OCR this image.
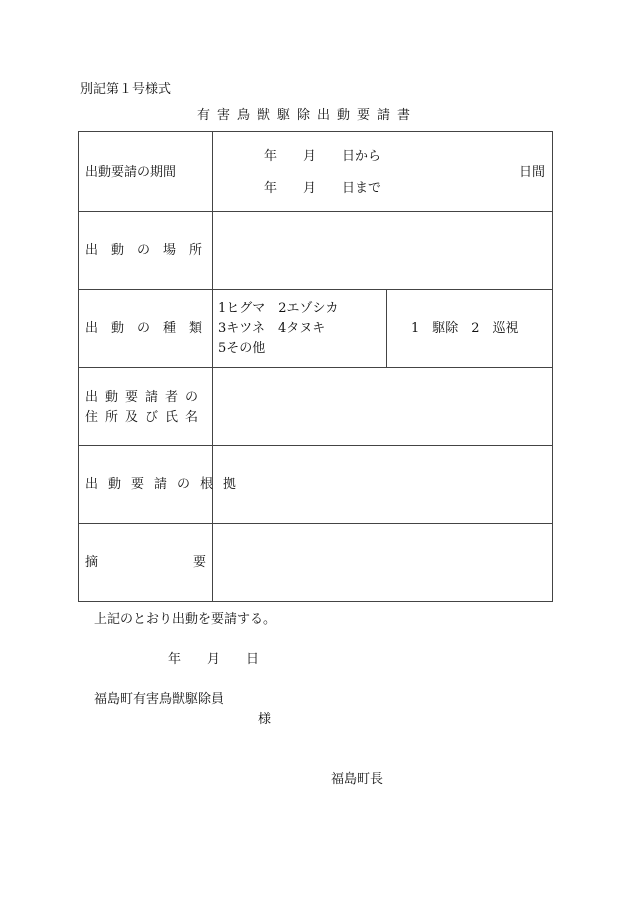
別記第１号様式
有害鳥獣駆除出動要請書
出動要請の期間
年　　月　　日から
年　　月　　日まで
日間
出動の場所
出動の種類
1ヒグマ　2エゾシカ
3キツネ　4タヌキ
5その他
1　駆除　2　巡視
出動要請者の
住所及び氏名
出動要請の根拠
摘	要
上記のとおり出動を要請する。
年　　月　　日
福島町有害鳥獣駆除員
様
福島町長
